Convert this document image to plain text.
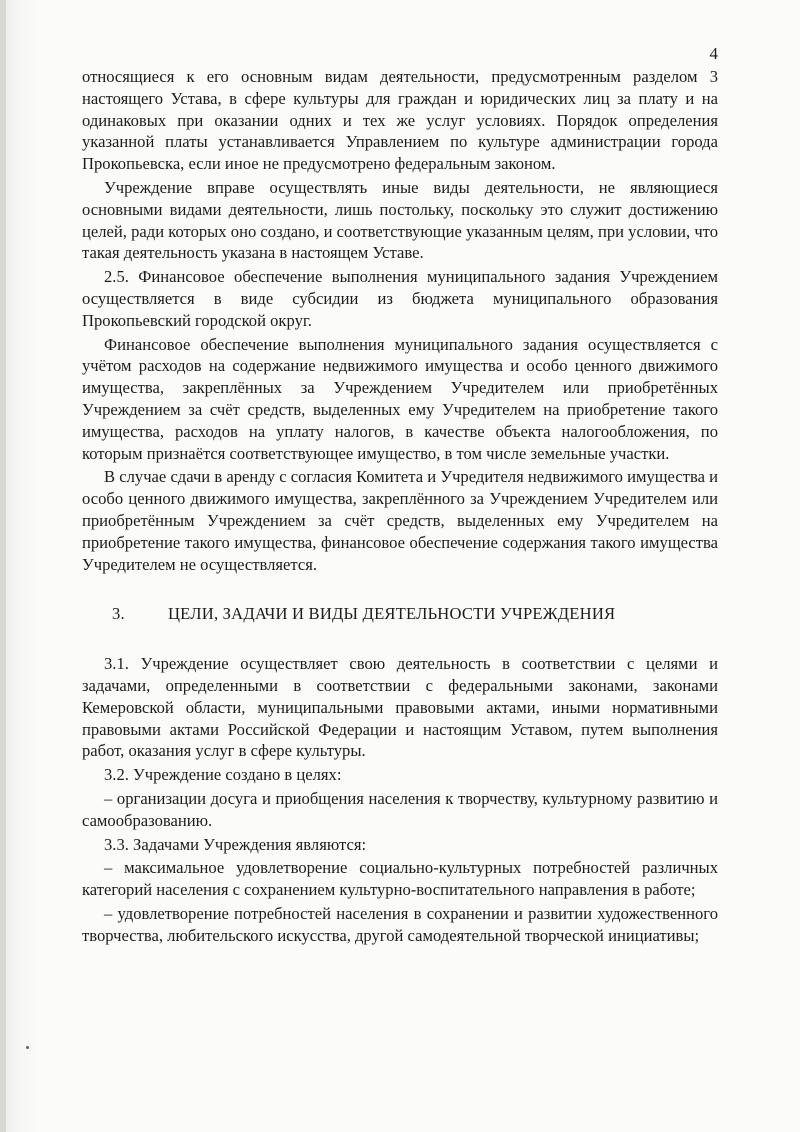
4

относящиеся к его основным видам деятельности, предусмотренным разделом 3 настоящего Устава, в сфере культуры для граждан и юридических лиц за плату и на одинаковых при оказании одних и тех же услуг условиях. Порядок определения указанной платы устанавливается Управлением по культуре администрации города Прокопьевска, если иное не предусмотрено федеральным законом.

Учреждение вправе осуществлять иные виды деятельности, не являющиеся основными видами деятельности, лишь постольку, поскольку это служит достижению целей, ради которых оно создано, и соответствующие указанным целям, при условии, что такая деятельность указана в настоящем Уставе.

2.5. Финансовое обеспечение выполнения муниципального задания Учреждением осуществляется в виде субсидии из бюджета муниципального образования Прокопьевский городской округ.

Финансовое обеспечение выполнения муниципального задания осуществляется с учётом расходов на содержание недвижимого имущества и особо ценного движимого имущества, закреплённых за Учреждением Учредителем или приобретённых Учреждением за счёт средств, выделенных ему Учредителем на приобретение такого имущества, расходов на уплату налогов, в качестве объекта налогообложения, по которым признаётся соответствующее имущество, в том числе земельные участки.

В случае сдачи в аренду с согласия Комитета и Учредителя недвижимого имущества и особо ценного движимого имущества, закреплённого за Учреждением Учредителем или приобретённым Учреждением за счёт средств, выделенных ему Учредителем на приобретение такого имущества, финансовое обеспечение содержания такого имущества Учредителем не осуществляется.

3.	ЦЕЛИ, ЗАДАЧИ И ВИДЫ ДЕЯТЕЛЬНОСТИ УЧРЕЖДЕНИЯ

3.1. Учреждение осуществляет свою деятельность в соответствии с целями и задачами, определенными в соответствии с федеральными законами, законами Кемеровской области, муниципальными правовыми актами, иными нормативными правовыми актами Российской Федерации и настоящим Уставом, путем выполнения работ, оказания услуг в сфере культуры.

3.2. Учреждение создано в целях:

– организации досуга и приобщения населения к творчеству, культурному развитию и самообразованию.

3.3. Задачами Учреждения являются:

– максимальное удовлетворение социально-культурных потребностей различных категорий населения с сохранением культурно-воспитательного направления в работе;

– удовлетворение потребностей населения в сохранении и развитии художественного творчества, любительского искусства, другой самодеятельной творческой инициативы;
